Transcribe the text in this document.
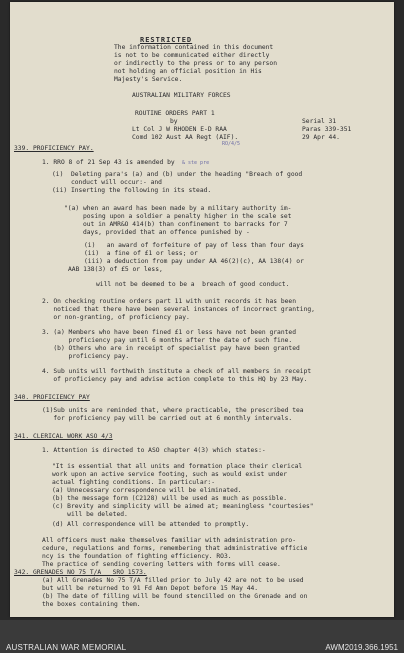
RESTRICTED
The information contained in this document
is not to be communicated either directly
or indirectly to the press or to any person
not holding an official position in His
Majesty's Service.
AUSTRALIAN MILITARY FORCES
ROUTINE ORDERS PART 1
by
Lt Col J W RHODEN E-D RAA
Comd 102 Aust AA Regt (AIF).
Serial 31
Paras 339-351
29 Apr 44.
RO/4/5
339. PROFICIENCY PAY.
1. RRO 8 of 21 Sep 43 is amended by & ste pre
(i)  Deleting para's (a) and (b) under the heading "Breach of good
conduct will occur:- and
(ii) Inserting the following in its stead.
"(a) when an award has been made by a military authority im-
posing upon a soldier a penalty higher in the scale set
out in AMR&O 414(b) than confinement to barracks for 7
days, provided that an offence punished by -
(i)   an award of forfeiture of pay of less than four days
(ii)  a fine of £1 or less; or
(iii) a deduction from pay under AA 46(2)(c), AA 138(4) or
AAB 138(3) of £5 or less,
will not be deemed to be a  breach of good conduct.
2. On checking routine orders part 11 with unit records it has been
noticed that there have been several instances of incorrect granting,
or non-granting, of proficiency pay.
3. (a) Members who have been fined £1 or less have not been granted
proficiency pay until 6 months after the date of such fine.
(b) Others who are in receipt of specialist pay have been granted
proficiency pay.
4. Sub units will forthwith institute a check of all members in receipt
of proficiency pay and advise action complete to this HQ by 23 May.
340. PROFICIENCY PAY
(1)Sub units are reminded that, where practicable, the prescribed tea
for proficiency pay will be carried out at 6 monthly intervals.
341. CLERICAL WORK ASO 4/3
1. Attention is directed to ASO chapter 4(3) which states:-
"It is essential that all units and formation place their clerical
work upon an active service footing, such as would exist under
actual fighting conditions. In particular:-
(a) Unnecessary correspondence will be eliminated.
(b) the message form (C2128) will be used as much as possible.
(c) Brevity and simplicity will be aimed at; meaningless "courtesies"
will be deleted.
(d) All correspondence will be attended to promptly.
All officers must make themselves familiar with administration pro-
cedure, regulations and forms, remembering that administrative efficie
ncy is the foundation of fighting efficiency. RO3.
The practice of sending covering letters with forms will cease.
342. GRENADES NO 75 T/A   SRO 1573.
(a) All Grenades No 75 T/A filled prior to July 42 are not to be used
but will be returned to 91 Fd Amn Depot before 15 May 44.
(b) The date of filling will be found stencilled on the Grenade and on
the boxes containing them.
AUSTRALIAN WAR MEMORIAL	AWM2019.366.1951
